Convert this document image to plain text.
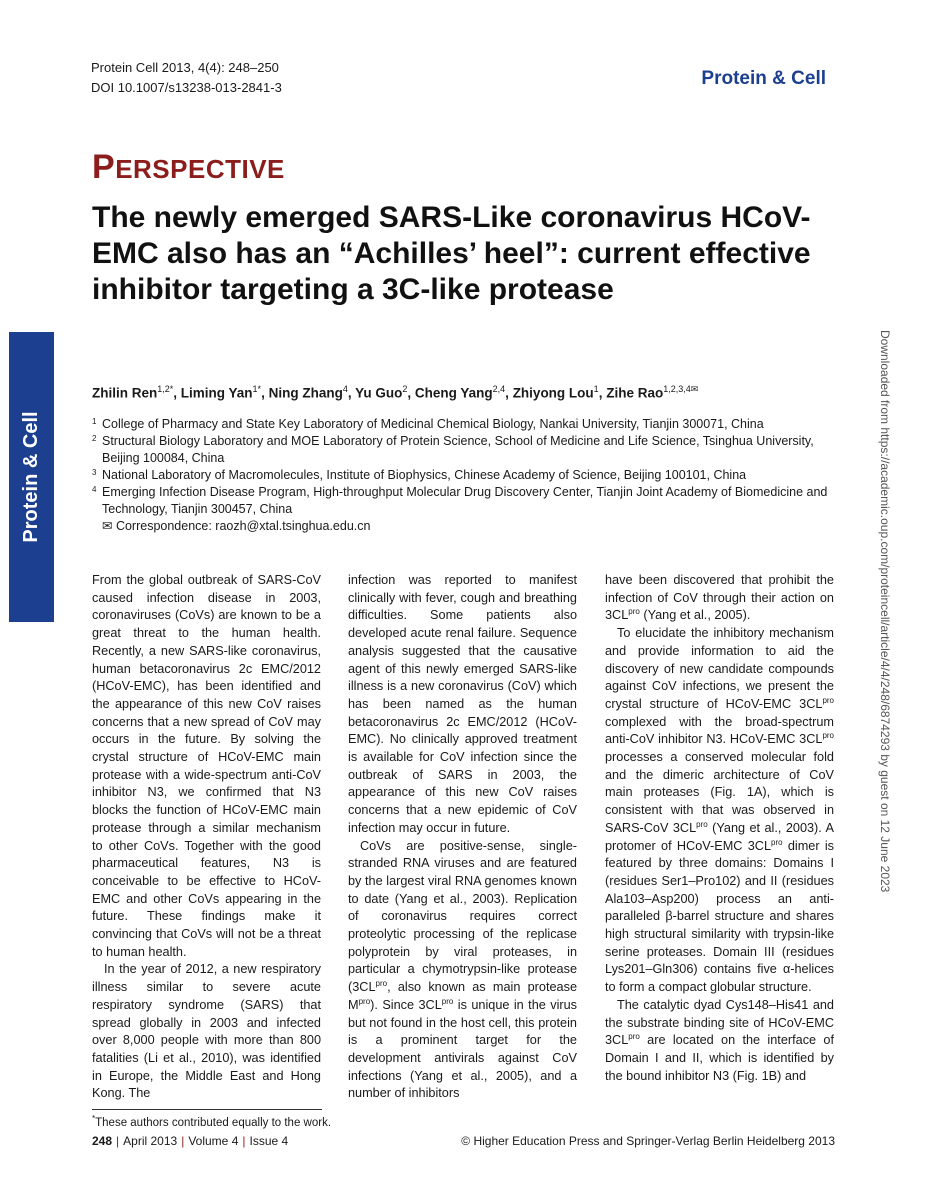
Protein Cell 2013, 4(4): 248–250
DOI 10.1007/s13238-013-2841-3	Protein & Cell
PERSPECTIVE
The newly emerged SARS-Like coronavirus HCoV-EMC also has an “Achilles’ heel”: current effective inhibitor targeting a 3C-like protease
Zhilin Ren$^{1,2*}$, Liming Yan$^{1*}$, Ning Zhang$^4$, Yu Guo$^2$, Cheng Yang$^{2,4}$, Zhiyong Lou$^1$, Zihe Rao$^{1,2,3,4✉}$
1 College of Pharmacy and State Key Laboratory of Medicinal Chemical Biology, Nankai University, Tianjin 300071, China
2 Structural Biology Laboratory and MOE Laboratory of Protein Science, School of Medicine and Life Science, Tsinghua University, Beijing 100084, China
3 National Laboratory of Macromolecules, Institute of Biophysics, Chinese Academy of Science, Beijing 100101, China
4 Emerging Infection Disease Program, High-throughput Molecular Drug Discovery Center, Tianjin Joint Academy of Biomedicine and Technology, Tianjin 300457, China
✉ Correspondence: raozh@xtal.tsinghua.edu.cn
Protein & Cell	Downloaded from https://academic.oup.com/proteincell/article/4/4/248/6874293 by guest on 12 June 2023

From the global outbreak of SARS-CoV caused infection disease in 2003, coronaviruses (CoVs) are known to be a great threat to the human health. Recently, a new SARS-like coronavirus, human betacoronavirus 2c EMC/2012 (HCoV-EMC), has been identified and the appearance of this new CoV raises concerns that a new spread of CoV may occurs in the future. By solving the crystal structure of HCoV-EMC main protease with a wide-spectrum anti-CoV inhibitor N3, we confirmed that N3 blocks the function of HCoV-EMC main protease through a similar mechanism to other CoVs. Together with the good pharmaceutical features, N3 is conceivable to be effective to HCoV-EMC and other CoVs appearing in the future. These findings make it convincing that CoVs will not be a threat to human health.

In the year of 2012, a new respiratory illness similar to severe acute respiratory syndrome (SARS) that spread globally in 2003 and infected over 8,000 people with more than 800 fatalities (Li et al., 2010), was identified in Europe, the Middle East and Hong Kong. The

infection was reported to manifest clinically with fever, cough and breathing difficulties. Some patients also developed acute renal failure. Sequence analysis suggested that the causative agent of this newly emerged SARS-like illness is a new coronavirus (CoV) which has been named as the human betacoronavirus 2c EMC/2012 (HCoV-EMC). No clinically approved treatment is available for CoV infection since the outbreak of SARS in 2003, the appearance of this new CoV raises concerns that a new epidemic of CoV infection may occur in future.

CoVs are positive-sense, single-stranded RNA viruses and are featured by the largest viral RNA genomes known to date (Yang et al., 2003). Replication of coronavirus requires correct proteolytic processing of the replicase polyprotein by viral proteases, in particular a chymotrypsin-like protease ($3CL^{pro}$, also known as main protease $M^{pro}$). Since $3CL^{pro}$ is unique in the virus but not found in the host cell, this protein is a prominent target for the development antivirals against CoV infections (Yang et al., 2005), and a number of inhibitors

have been discovered that prohibit the infection of CoV through their action on $3CL^{pro}$ (Yang et al., 2005).

To elucidate the inhibitory mechanism and provide information to aid the discovery of new candidate compounds against CoV infections, we present the crystal structure of HCoV-EMC $3CL^{pro}$ complexed with the broad-spectrum anti-CoV inhibitor N3. HCoV-EMC $3CL^{pro}$ processes a conserved molecular fold and the dimeric architecture of CoV main proteases (Fig. 1A), which is consistent with that was observed in SARS-CoV $3CL^{pro}$ (Yang et al., 2003). A protomer of HCoV-EMC $3CL^{pro}$ dimer is featured by three domains: Domains I (residues Ser1–Pro102) and II (residues Ala103–Asp200) process an anti-paralleled β-barrel structure and shares high structural similarity with trypsin-like serine proteases. Domain III (residues Lys201–Gln306) contains five α-helices to form a compact globular structure.

The catalytic dyad Cys148–His41 and the substrate binding site of HCoV-EMC $3CL^{pro}$ are located on the interface of Domain I and II, which is identified by the bound inhibitor N3 (Fig. 1B) and

*These authors contributed equally to the work.
248 | April 2013 | Volume 4 | Issue 4	© Higher Education Press and Springer-Verlag Berlin Heidelberg 2013
